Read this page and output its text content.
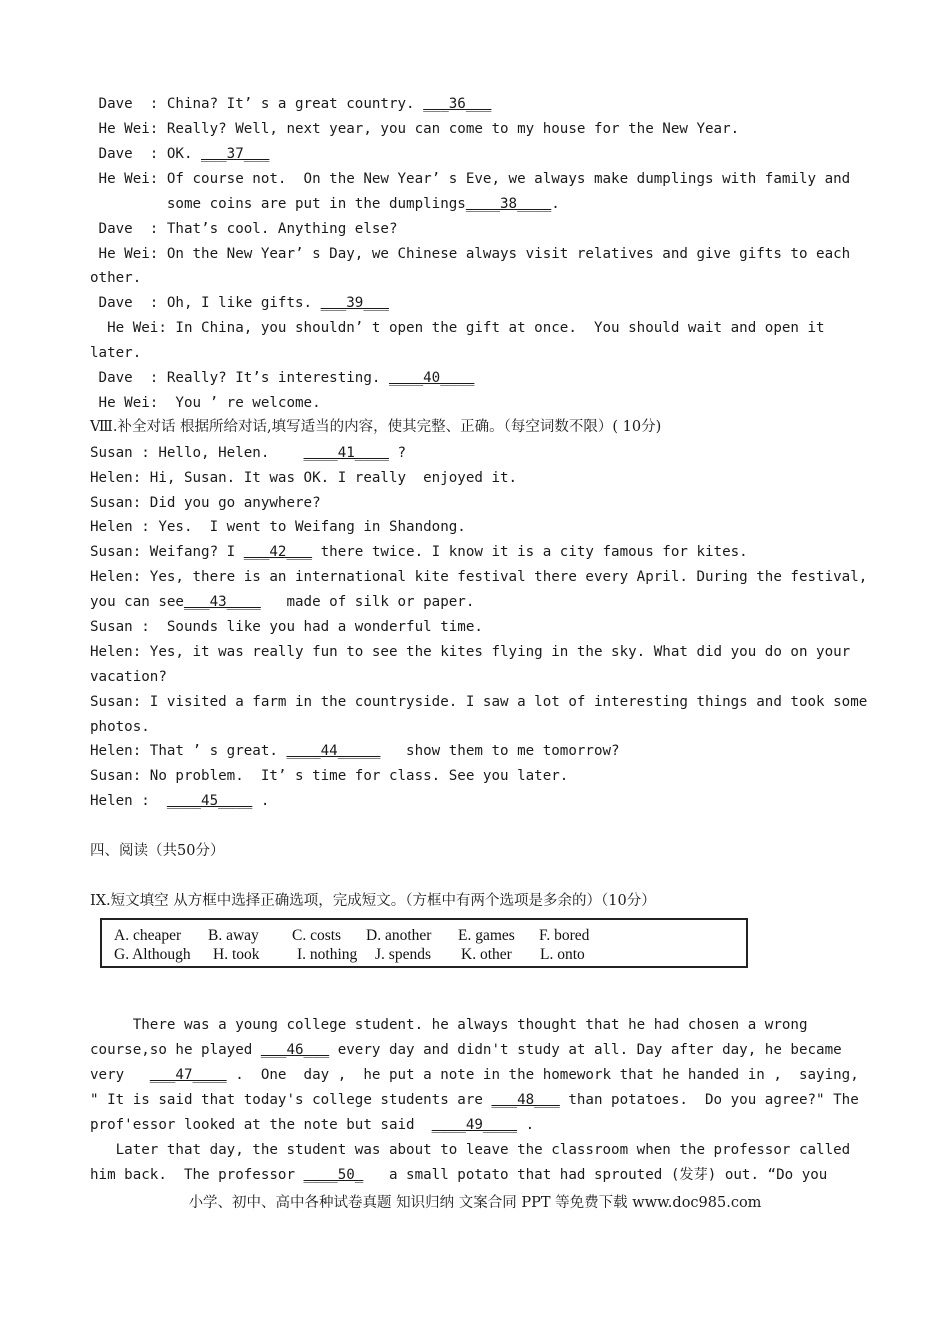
Dave  : China? It’ s a great country. ___36___
He Wei: Really? Well, next year, you can come to my house for the New Year.
Dave  : OK. ___37___
He Wei: Of course not.  On the New Year’ s Eve, we always make dumplings with family and
some coins are put in the dumplings____38____.
Dave  : That’s cool. Anything else?
He Wei: On the New Year’ s Day, we Chinese always visit relatives and give gifts to each
other.
Dave  : Oh, I like gifts. ___39___
He Wei: In China, you shouldn’ t open the gift at once.  You should wait and open it
later.
Dave  : Really? It’s interesting. ____40____
He Wei:  You ’ re welcome.
Ⅷ.补全对话 根据所给对话,填写适当的内容，使其完整、正确。（每空词数不限）( 10分)
Susan : Hello, Helen.    ____41____ ?
Helen: Hi, Susan. It was OK. I really  enjoyed it.
Susan: Did you go anywhere?
Helen : Yes.  I went to Weifang in Shandong.
Susan: Weifang? I ___42___ there twice. I know it is a city famous for kites.
Helen: Yes, there is an international kite festival there every April. During the festival,
you can see___43____   made of silk or paper.
Susan :  Sounds like you had a wonderful time.
Helen: Yes, it was really fun to see the kites flying in the sky. What did you do on your
vacation?
Susan: I visited a farm in the countryside. I saw a lot of interesting things and took some
photos.
Helen: That ’ s great. ____44_____   show them to me tomorrow?
Susan: No problem.  It’ s time for class. See you later.
Helen :  ____45____ .
四、阅读（共50分）
IX.短文填空 从方框中选择正确选项，完成短文。（方框中有两个选项是多余的）（10分）
A. cheaper B. away C. costs D. another E. games F. bored
G. Although H. took I. nothing J. spends K. other L. onto
There was a young college student. he always thought that he had chosen a wrong
course,so he played ___46___ every day and didn't study at all. Day after day, he became
very   ___47____ .  One  day ,  he put a note in the homework that he handed in ,  saying,
" It is said that today's college students are ___48___ than potatoes.  Do you agree?" The
prof'essor looked at the note but said  ____49____ .
Later that day, the student was about to leave the classroom when the professor called
him back.  The professor ____50_   a small potato that had sprouted (发芽) out. “Do you
小学、初中、高中各种试卷真题 知识归纳 文案合同 PPT 等免费下载 www.doc985.com
